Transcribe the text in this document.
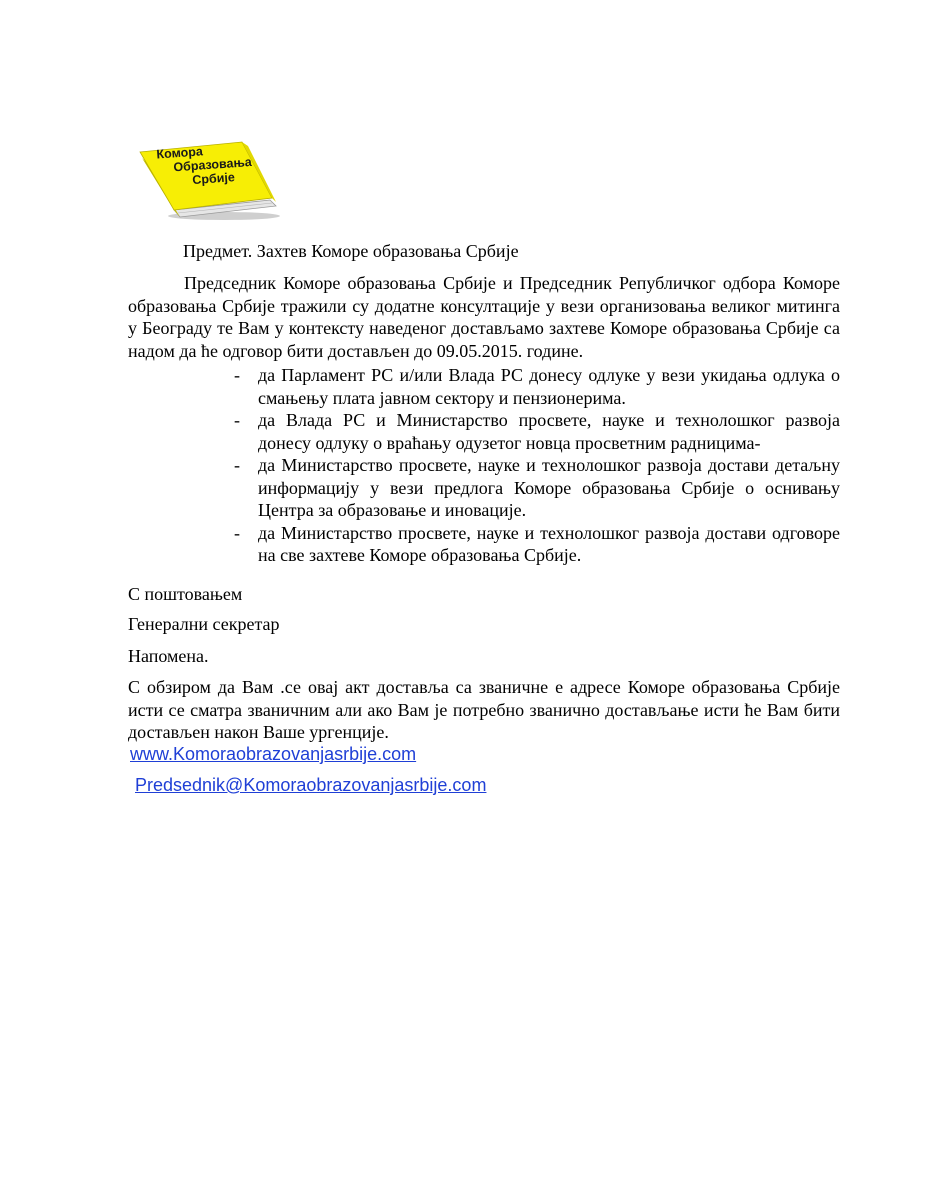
Комора
Образовања
Србије
Предмет. Захтев Коморе образовања Србије

Председник Коморе образовања Србије и Председник Републичког одбора Коморе образовања Србије тражили су додатне консултације у вези организовања великог митинга у Београду те Вам у контексту наведеног достављамо захтеве Коморе образовања Србије са надом да ће одговор бити достављен до 09.05.2015. године.

- да Парламент РС и/или Влада РС донесу одлуке у вези укидања одлука о смањењу плата јавном сектору и пензионерима.
- да Влада РС и Министарство просвете, науке и технолошког развоја донесу одлуку о враћању одузетог новца просветним радницима-
- да Министарство просвете, науке и технолошког развоја достави детаљну информацију у вези предлога Коморе образовања Србије о оснивању Центра за образовање и иновације.
- да Министарство просвете, науке и технолошког развоја достави одговоре на све захтеве Коморе образовања Србије.
С поштовањем
Генерални секретар
Напомена.
С обзиром да Вам .се овај акт доставља са званичне е адресе Коморе образовања Србије исти се сматра званичним али ако Вам је потребно званично достављање исти ће Вам бити достављен након Ваше ургенције.
www.Komoraobrazovanjasrbije.com
Predsednik@Komoraobrazovanjasrbije.com
